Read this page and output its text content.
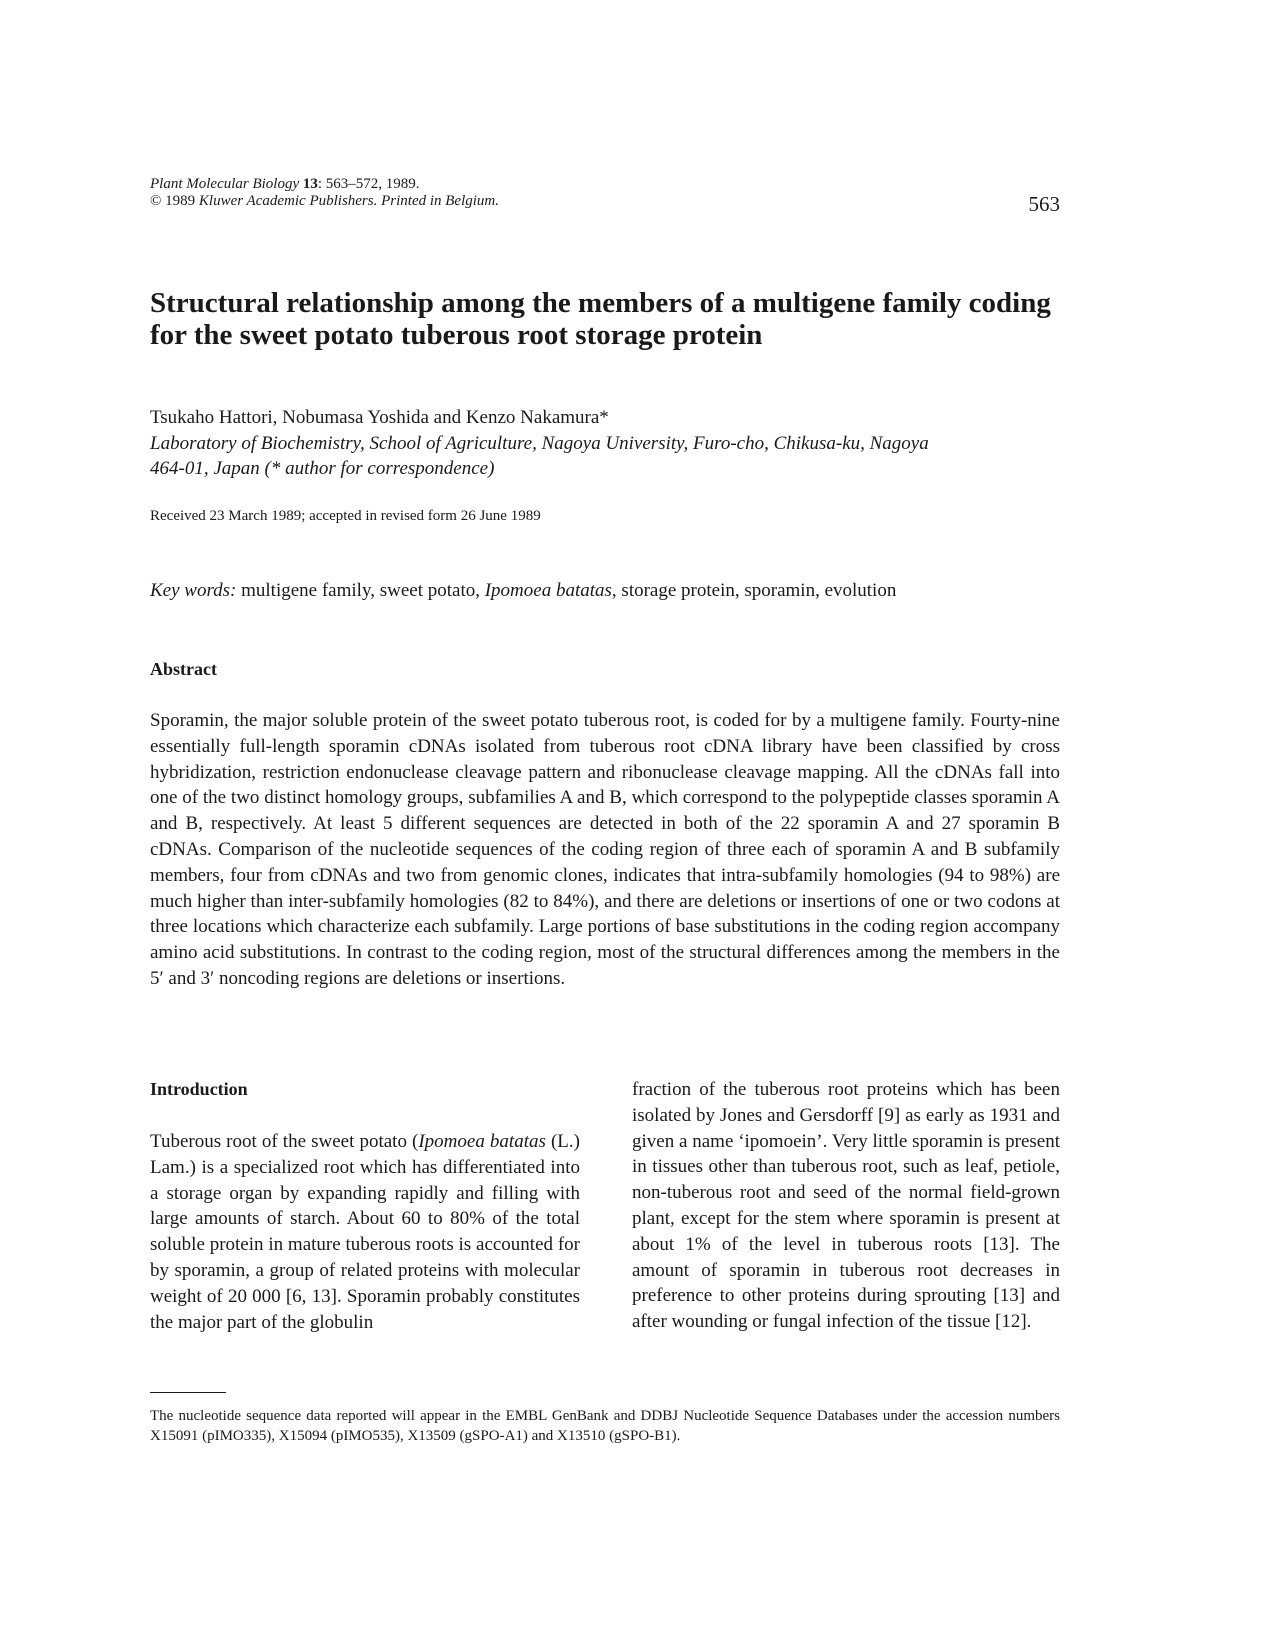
Plant Molecular Biology 13: 563–572, 1989.
© 1989 Kluwer Academic Publishers. Printed in Belgium.	563
Structural relationship among the members of a multigene family coding
for the sweet potato tuberous root storage protein
Tsukaho Hattori, Nobumasa Yoshida and Kenzo Nakamura*
Laboratory of Biochemistry, School of Agriculture, Nagoya University, Furo-cho, Chikusa-ku, Nagoya
464-01, Japan (* author for correspondence)
Received 23 March 1989; accepted in revised form 26 June 1989
Key words: multigene family, sweet potato, Ipomoea batatas, storage protein, sporamin, evolution
Abstract

Sporamin, the major soluble protein of the sweet potato tuberous root, is coded for by a multigene family. Fourty-nine essentially full-length sporamin cDNAs isolated from tuberous root cDNA library have been classified by cross hybridization, restriction endonuclease cleavage pattern and ribonuclease cleavage mapping. All the cDNAs fall into one of the two distinct homology groups, subfamilies A and B, which correspond to the polypeptide classes sporamin A and B, respectively. At least 5 different sequences are detected in both of the 22 sporamin A and 27 sporamin B cDNAs. Comparison of the nucleotide sequences of the coding region of three each of sporamin A and B subfamily members, four from cDNAs and two from genomic clones, indicates that intra-subfamily homologies (94 to 98%) are much higher than inter-subfamily homologies (82 to 84%), and there are deletions or insertions of one or two codons at three locations which characterize each subfamily. Large portions of base substitutions in the coding region accompany amino acid substitutions. In contrast to the coding region, most of the structural differences among the members in the 5′ and 3′ noncoding regions are deletions or insertions.

Introduction

Tuberous root of the sweet potato (Ipomoea batatas (L.) Lam.) is a specialized root which has differentiated into a storage organ by expanding rapidly and filling with large amounts of starch. About 60 to 80% of the total soluble protein in mature tuberous roots is accounted for by sporamin, a group of related proteins with molecular weight of 20 000 [6, 13]. Sporamin probably constitutes the major part of the globulin

fraction of the tuberous root proteins which has been isolated by Jones and Gersdorff [9] as early as 1931 and given a name ‘ipomoein’. Very little sporamin is present in tissues other than tuberous root, such as leaf, petiole, non-tuberous root and seed of the normal field-grown plant, except for the stem where sporamin is present at about 1% of the level in tuberous roots [13]. The amount of sporamin in tuberous root decreases in preference to other proteins during sprouting [13] and after wounding or fungal infection of the tissue [12].

The nucleotide sequence data reported will appear in the EMBL GenBank and DDBJ Nucleotide Sequence Databases under the accession numbers X15091 (pIMO335), X15094 (pIMO535), X13509 (gSPO-A1) and X13510 (gSPO-B1).
